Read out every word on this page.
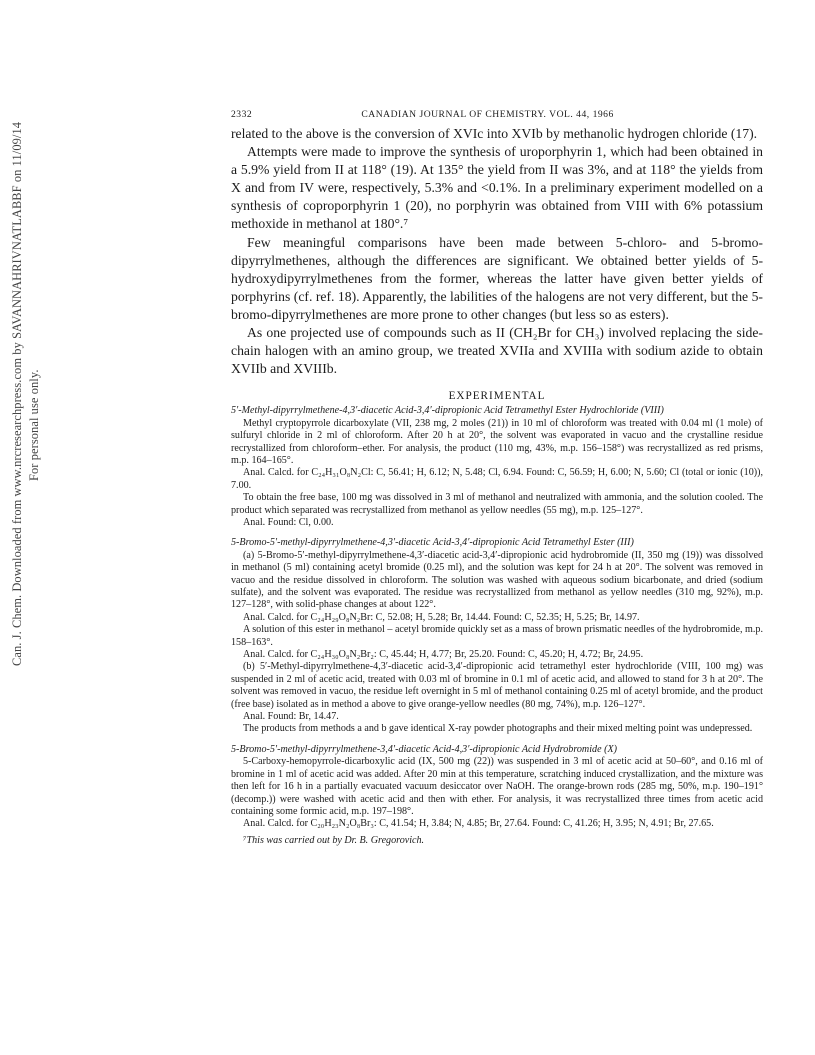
Can. J. Chem. Downloaded from www.nrcresearchpress.com by SAVANNAHRIVNATLABBF on 11/09/14 For personal use only.
2332	CANADIAN JOURNAL OF CHEMISTRY. VOL. 44, 1966

related to the above is the conversion of XVIc into XVIb by methanolic hydrogen chloride (17).

Attempts were made to improve the synthesis of uroporphyrin 1, which had been obtained in a 5.9% yield from II at 118° (19). At 135° the yield from II was 3%, and at 118° the yields from X and from IV were, respectively, 5.3% and <0.1%. In a preliminary experiment modelled on a synthesis of coproporphyrin 1 (20), no porphyrin was obtained from VIII with 6% potassium methoxide in methanol at 180°.⁷

Few meaningful comparisons have been made between 5-chloro- and 5-bromo-dipyrrylmethenes, although the differences are significant. We obtained better yields of 5-hydroxydipyrrylmethenes from the former, whereas the latter have given better yields of porphyrins (cf. ref. 18). Apparently, the labilities of the halogens are not very different, but the 5-bromo-dipyrrylmethenes are more prone to other changes (but less so as esters).

As one projected use of compounds such as II (CH₂Br for CH₃) involved replacing the side-chain halogen with an amino group, we treated XVIIa and XVIIIa with sodium azide to obtain XVIIb and XVIIIb.

EXPERIMENTAL

5′-Methyl-dipyrrylmethene-4,3′-diacetic Acid-3,4′-dipropionic Acid Tetramethyl Ester Hydrochloride (VIII)

Methyl cryptopyrrole dicarboxylate (VII, 238 mg, 2 moles (21)) in 10 ml of chloroform was treated with 0.04 ml (1 mole) of sulfuryl chloride in 2 ml of chloroform. After 20 h at 20°, the solvent was evaporated in vacuo and the crystalline residue recrystallized from chloroform–ether. For analysis, the product (110 mg, 43%, m.p. 156–158°) was recrystallized as red prisms, m.p. 164–165°.

Anal. Calcd. for C₂₄H₃₁O₈N₂Cl: C, 56.41; H, 6.12; N, 5.48; Cl, 6.94. Found: C, 56.59; H, 6.00; N, 5.60; Cl (total or ionic (10)), 7.00.

To obtain the free base, 100 mg was dissolved in 3 ml of methanol and neutralized with ammonia, and the solution cooled. The product which separated was recrystallized from methanol as yellow needles (55 mg), m.p. 125–127°.

Anal. Found: Cl, 0.00.

5-Bromo-5′-methyl-dipyrrylmethene-4,3′-diacetic Acid-3,4′-dipropionic Acid Tetramethyl Ester (III)

(a) 5-Bromo-5′-methyl-dipyrrylmethene-4,3′-diacetic acid-3,4′-dipropionic acid hydrobromide (II, 350 mg (19)) was dissolved in methanol (5 ml) containing acetyl bromide (0.25 ml), and the solution was kept for 24 h at 20°. The solvent was removed in vacuo and the residue dissolved in chloroform. The solution was washed with aqueous sodium bicarbonate, and dried (sodium sulfate), and the solvent was evaporated. The residue was recrystallized from methanol as yellow needles (310 mg, 92%), m.p. 127–128°, with solid-phase changes at about 122°.

Anal. Calcd. for C₂₄H₂₉O₈N₂Br: C, 52.08; H, 5.28; Br, 14.44. Found: C, 52.35; H, 5.25; Br, 14.97.

A solution of this ester in methanol – acetyl bromide quickly set as a mass of brown prismatic needles of the hydrobromide, m.p. 158–163°.

Anal. Calcd. for C₂₄H₃₀O₈N₂Br₂: C, 45.44; H, 4.77; Br, 25.20. Found: C, 45.20; H, 4.72; Br, 24.95.

(b) 5′-Methyl-dipyrrylmethene-4,3′-diacetic acid-3,4′-dipropionic acid tetramethyl ester hydrochloride (VIII, 100 mg) was suspended in 2 ml of acetic acid, treated with 0.03 ml of bromine in 0.1 ml of acetic acid, and allowed to stand for 3 h at 20°. The solvent was removed in vacuo, the residue left overnight in 5 ml of methanol containing 0.25 ml of acetyl bromide, and the product (free base) isolated as in method a above to give orange-yellow needles (80 mg, 74%), m.p. 126–127°.

Anal. Found: Br, 14.47.

The products from methods a and b gave identical X-ray powder photographs and their mixed melting point was undepressed.

5-Bromo-5′-methyl-dipyrrylmethene-3,4′-diacetic Acid-4,3′-dipropionic Acid Hydrobromide (X)

5-Carboxy-hemopyrrole-dicarboxylic acid (IX, 500 mg (22)) was suspended in 3 ml of acetic acid at 50–60°, and 0.16 ml of bromine in 1 ml of acetic acid was added. After 20 min at this temperature, scratching induced crystallization, and the mixture was then left for 16 h in a partially evacuated vacuum desiccator over NaOH. The orange-brown rods (285 mg, 50%, m.p. 190–191° (decomp.)) were washed with acetic acid and then with ether. For analysis, it was recrystallized three times from acetic acid containing some formic acid, m.p. 197–198°.

Anal. Calcd. for C₂₀H₂₃N₂O₈Br₃: C, 41.54; H, 3.84; N, 4.85; Br, 27.64. Found: C, 41.26; H, 3.95; N, 4.91; Br, 27.65.

⁷This was carried out by Dr. B. Gregorovich.
